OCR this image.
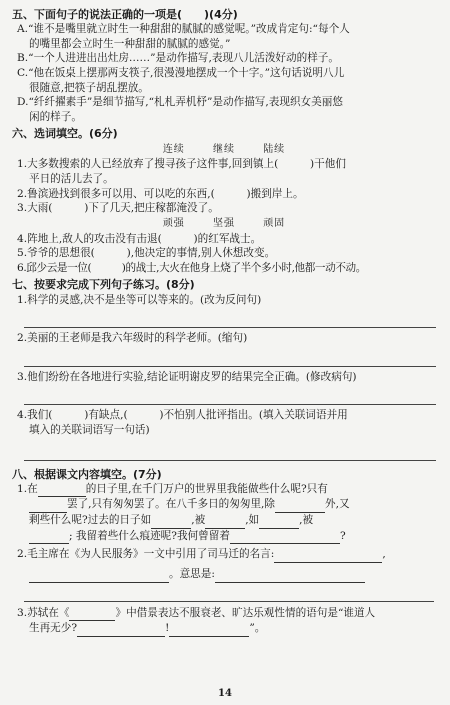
五、下面句子的说法正确的一项是(　　)(4分)

A.“谁不是嘴里就立时生一种甜甜的腻腻的感觉呢。”改成肯定句:“每个人

的嘴里都会立时生一种甜甜的腻腻的感觉。”

B.“一个人进进出出灶房……”是动作描写,表现八儿活泼好动的样子。

C.“他在饭桌上摆那两支筷子,很漫漫地摆成一个十字。”这句话说明八儿

很随意,把筷子胡乱摆放。

D.“纤纤擢素手”是细节描写,“札札弄机杼”是动作描写,表现织女美丽悠

闲的样子。

六、选词填空。(6分)

连续	继续	陆续

1.大多数搜索的人已经放弃了搜寻孩子这件事,回到镇上(　　　)干他们

平日的活儿去了。

2.鲁滨逊找到很多可以用、可以吃的东西,(　　　)搬到岸上。

3.大雨(　　　)下了几天,把庄稼都淹没了。

顽强	坚强	顽固

4.阵地上,敌人的攻击没有击退(　　　)的红军战士。

5.爷爷的思想很(　　　),他决定的事情,别人休想改变。

6.邱少云是一位(　　　)的战士,大火在他身上烧了半个多小时,他都一动不动。

七、按要求完成下列句子练习。(8分)

1.科学的灵感,决不是坐等可以等来的。(改为反问句)

2.美丽的王老师是我六年级时的科学老师。(缩句)

3.他们纷纷在各地进行实验,结论证明谢皮罗的结果完全正确。(修改病句)

4.我们(　　　)有缺点,(　　　)不怕别人批评指出。(填入关联词语并用

填入的关联词语写一句话)

八、根据课文内容填空。(7分)

1.在	的日子里,在千门万户的世界里我能做些什么呢?只有

罢了,只有匆匆罢了。在八千多日的匆匆里,除	外,又

剩些什么呢?过去的日子如	,被	,如	,被

; 我留着些什么痕迹呢?我何曾留着	?

2.毛主席在《为人民服务》一文中引用了司马迁的名言:	,

。意思是:

3.苏轼在《	》中借景表达不服衰老、旷达乐观性情的语句是“谁道人

生再无少?	!	”。

14
